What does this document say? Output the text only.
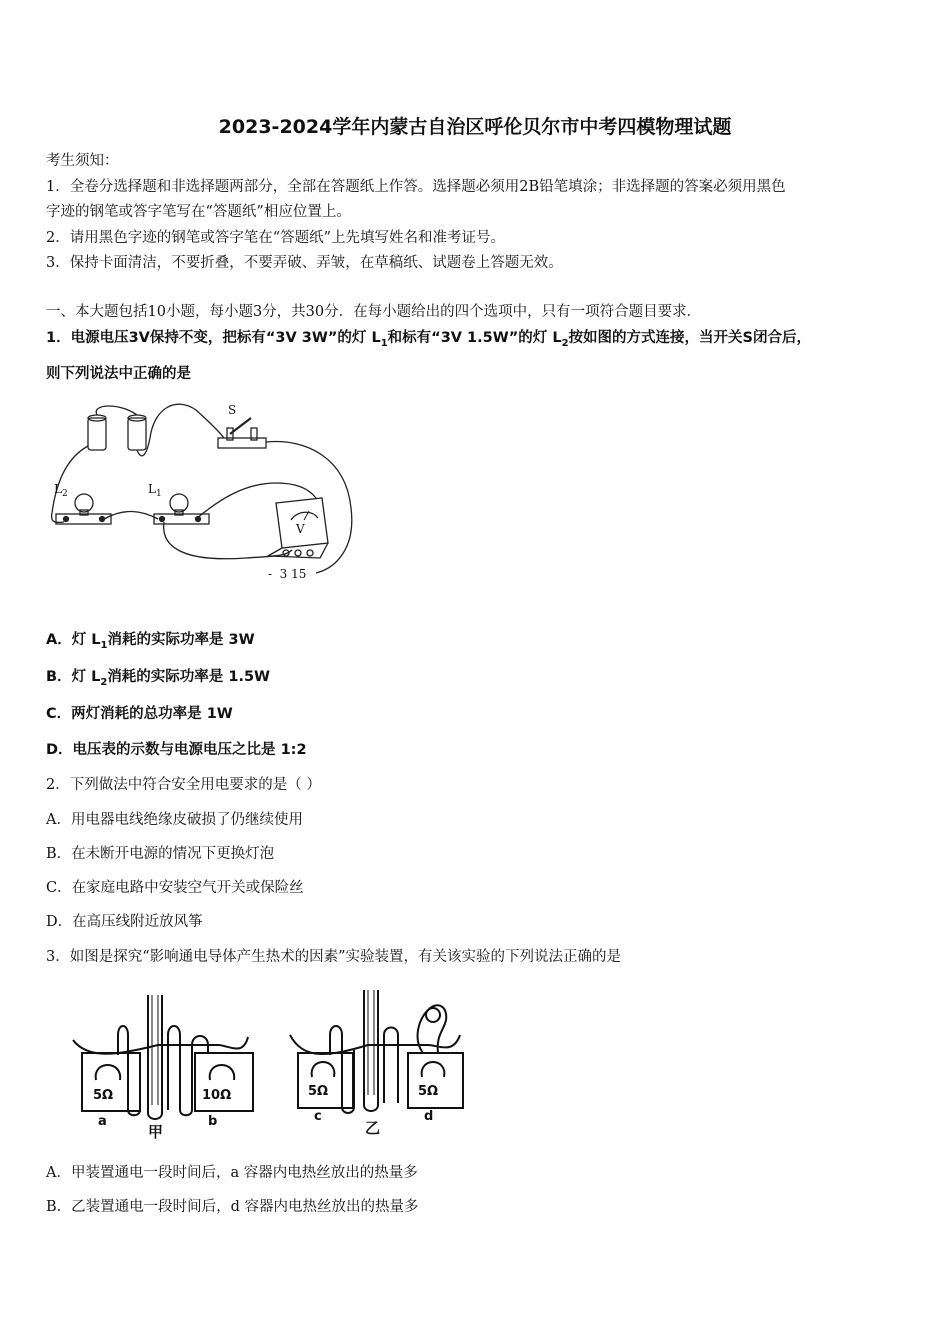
2023-2024学年内蒙古自治区呼伦贝尔市中考四模物理试题
考生须知：
1．全卷分选择题和非选择题两部分，全部在答题纸上作答。选择题必须用2B铅笔填涂；非选择题的答案必须用黑色
字迹的钢笔或答字笔写在“答题纸”相应位置上。
2．请用黑色字迹的钢笔或答字笔在“答题纸”上先填写姓名和准考证号。
3．保持卡面清洁，不要折叠，不要弄破、弄皱，在草稿纸、试题卷上答题无效。
一、本大题包括10小题，每小题3分，共30分．在每小题给出的四个选项中，只有一项符合题目要求．
1．电源电压3V保持不变，把标有“3V 3W”的灯 $L_1$和标有“3V 1.5W”的灯 $L_2$按如图的方式连接，当开关S闭合后，
则下列说法中正确的是
S
$L_2$	$L_1$
V
-  3 15
A．灯 $L_1$消耗的实际功率是 3W
B．灯 $L_2$消耗的实际功率是 1.5W
C．两灯消耗的总功率是 1W
D．电压表的示数与电源电压之比是 1:2
2．下列做法中符合安全用电要求的是（ ）
A．用电器电线绝缘皮破损了仍继续使用
B．在未断开电源的情况下更换灯泡
C．在家庭电路中安装空气开关或保险丝
D．在高压线附近放风筝
3．如图是探究“影响通电导体产生热术的因素”实验装置，有关该实验的下列说法正确的是
5Ω	10Ω	5Ω	5Ω
a	b	c	d
甲	乙
A．甲装置通电一段时间后，a 容器内电热丝放出的热量多
B．乙装置通电一段时间后，d 容器内电热丝放出的热量多
